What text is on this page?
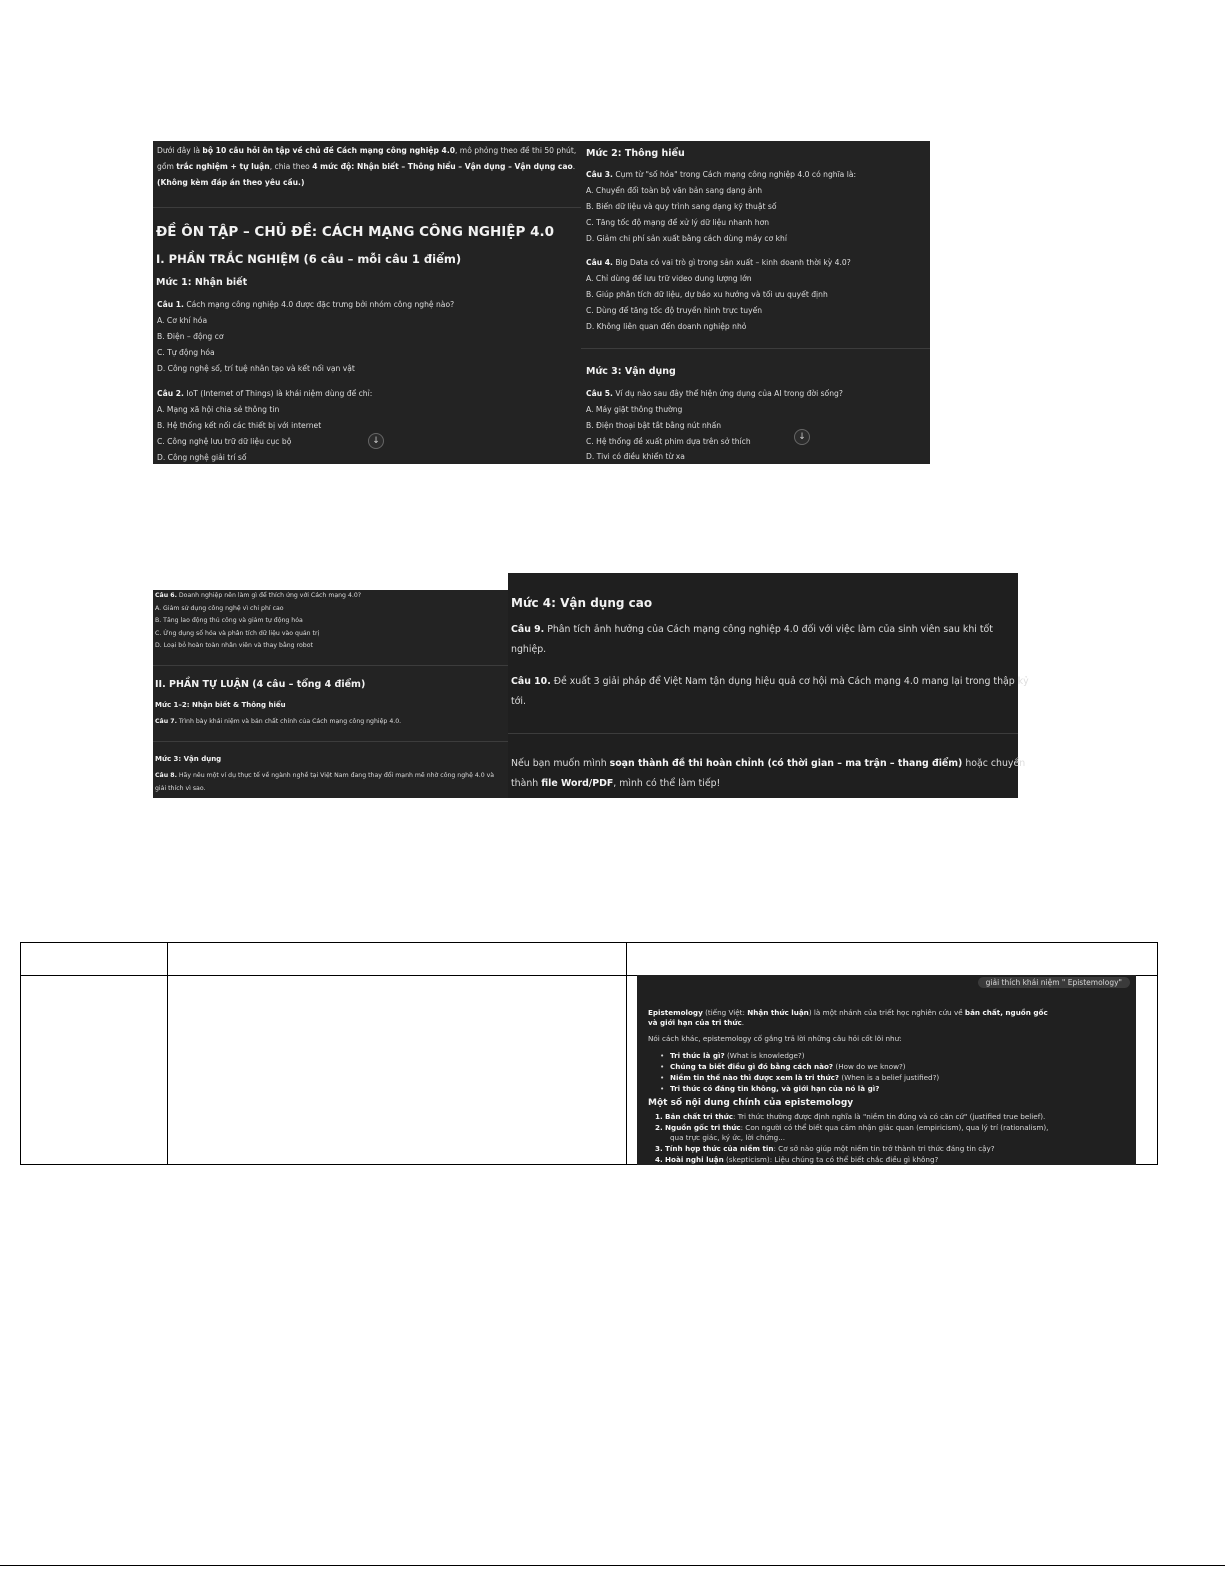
Dưới đây là bộ 10 câu hỏi ôn tập về chủ đề Cách mạng công nghiệp 4.0, mô phỏng theo đề thi 50 phút,
gồm trắc nghiệm + tự luận, chia theo 4 mức độ: Nhận biết – Thông hiểu – Vận dụng – Vận dụng cao.
(Không kèm đáp án theo yêu cầu.)
ĐỀ ÔN TẬP – CHỦ ĐỀ: CÁCH MẠNG CÔNG NGHIỆP 4.0
I. PHẦN TRẮC NGHIỆM (6 câu – mỗi câu 1 điểm)
Mức 1: Nhận biết
Câu 1. Cách mạng công nghiệp 4.0 được đặc trưng bởi nhóm công nghệ nào?
A. Cơ khí hóa
B. Điện – động cơ
C. Tự động hóa
D. Công nghệ số, trí tuệ nhân tạo và kết nối vạn vật
Câu 2. IoT (Internet of Things) là khái niệm dùng để chỉ:
A. Mạng xã hội chia sẻ thông tin
B. Hệ thống kết nối các thiết bị với internet
C. Công nghệ lưu trữ dữ liệu cục bộ
D. Công nghệ giải trí số
↓
Mức 2: Thông hiểu
Câu 3. Cụm từ "số hóa" trong Cách mạng công nghiệp 4.0 có nghĩa là:
A. Chuyển đổi toàn bộ văn bản sang dạng ảnh
B. Biến dữ liệu và quy trình sang dạng kỹ thuật số
C. Tăng tốc độ mạng để xử lý dữ liệu nhanh hơn
D. Giảm chi phí sản xuất bằng cách dùng máy cơ khí
Câu 4. Big Data có vai trò gì trong sản xuất – kinh doanh thời kỳ 4.0?
A. Chỉ dùng để lưu trữ video dung lượng lớn
B. Giúp phân tích dữ liệu, dự báo xu hướng và tối ưu quyết định
C. Dùng để tăng tốc độ truyền hình trực tuyến
D. Không liên quan đến doanh nghiệp nhỏ
Mức 3: Vận dụng
Câu 5. Ví dụ nào sau đây thể hiện ứng dụng của AI trong đời sống?
A. Máy giặt thông thường
B. Điện thoại bật tắt bằng nút nhấn
C. Hệ thống đề xuất phim dựa trên sở thích
D. Tivi có điều khiển từ xa
↓
Câu 6. Doanh nghiệp nên làm gì để thích ứng với Cách mạng 4.0?
A. Giảm sử dụng công nghệ vì chi phí cao
B. Tăng lao động thủ công và giảm tự động hóa
C. Ứng dụng số hóa và phân tích dữ liệu vào quản trị
D. Loại bỏ hoàn toàn nhân viên và thay bằng robot
II. PHẦN TỰ LUẬN (4 câu – tổng 4 điểm)
Mức 1–2: Nhận biết & Thông hiểu
Câu 7. Trình bày khái niệm và bản chất chính của Cách mạng công nghiệp 4.0.
Mức 3: Vận dụng
Câu 8. Hãy nêu một ví dụ thực tế về ngành nghề tại Việt Nam đang thay đổi mạnh mẽ nhờ công nghệ 4.0 và
giải thích vì sao.
Mức 4: Vận dụng cao
Câu 9. Phân tích ảnh hưởng của Cách mạng công nghiệp 4.0 đối với việc làm của sinh viên sau khi tốt
nghiệp.
Câu 10. Đề xuất 3 giải pháp để Việt Nam tận dụng hiệu quả cơ hội mà Cách mạng 4.0 mang lại trong thập kỷ
tới.
Nếu bạn muốn mình soạn thành đề thi hoàn chỉnh (có thời gian – ma trận – thang điểm) hoặc chuyển
thành file Word/PDF, mình có thể làm tiếp!
giải thích khái niệm " Epistemology"
Epistemology (tiếng Việt: Nhận thức luận) là một nhánh của triết học nghiên cứu về bản chất, nguồn gốc
và giới hạn của tri thức.
Nói cách khác, epistemology cố gắng trả lời những câu hỏi cốt lõi như:
• Tri thức là gì? (What is knowledge?)
• Chúng ta biết điều gì đó bằng cách nào? (How do we know?)
• Niềm tin thế nào thì được xem là tri thức? (When is a belief justified?)
• Tri thức có đáng tin không, và giới hạn của nó là gì?
Một số nội dung chính của epistemology
1. Bản chất tri thức: Tri thức thường được định nghĩa là "niềm tin đúng và có căn cứ" (justified true belief).
2. Nguồn gốc tri thức: Con người có thể biết qua cảm nhận giác quan (empiricism), qua lý trí (rationalism),
qua trực giác, ký ức, lời chứng...
3. Tính hợp thức của niềm tin: Cơ sở nào giúp một niềm tin trở thành tri thức đáng tin cậy?
4. Hoài nghi luận (skepticism): Liệu chúng ta có thể biết chắc điều gì không?
